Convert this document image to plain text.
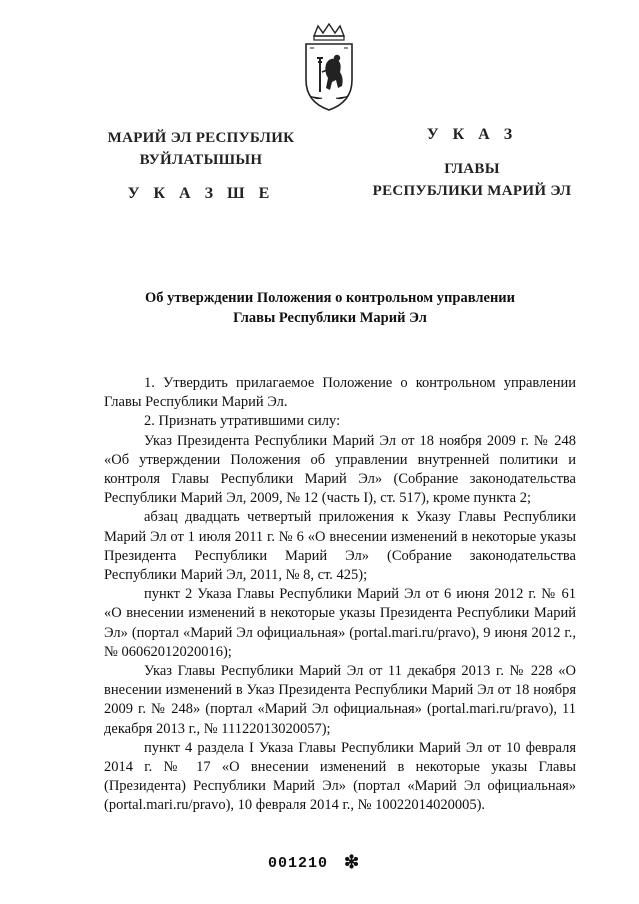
МАРИЙ ЭЛ РЕСПУБЛИК
ВУЙЛАТЫШЫН
У К А З Ш Е
У К А З
ГЛАВЫ
РЕСПУБЛИКИ МАРИЙ ЭЛ
Об утверждении Положения о контрольном управлении
Главы Республики Марий Эл

1. Утвердить прилагаемое Положение о контрольном управлении Главы Республики Марий Эл.

2. Признать утратившими силу:

Указ Президента Республики Марий Эл от 18 ноября 2009 г. № 248 «Об утверждении Положения об управлении внутренней политики и контроля Главы Республики Марий Эл» (Собрание законодательства Республики Марий Эл, 2009, № 12 (часть I), ст. 517), кроме пункта 2;

абзац двадцать четвертый приложения к Указу Главы Республики Марий Эл от 1 июля 2011 г. № 6 «О внесении изменений в некоторые указы Президента Республики Марий Эл» (Собрание законодательства Республики Марий Эл, 2011, № 8, ст. 425);

пункт 2 Указа Главы Республики Марий Эл от 6 июня 2012 г. № 61 «О внесении изменений в некоторые указы Президента Республики Марий Эл» (портал «Марий Эл официальная» (portal.mari.ru/pravo), 9 июня 2012 г., № 06062012020016);

Указ Главы Республики Марий Эл от 11 декабря 2013 г. № 228 «О внесении изменений в Указ Президента Республики Марий Эл от 18 ноября 2009 г. № 248» (портал «Марий Эл официальная» (portal.mari.ru/pravo), 11 декабря 2013 г., № 11122013020057);

пункт 4 раздела I Указа Главы Республики Марий Эл от 10 февраля 2014 г. № 17 «О внесении изменений в некоторые указы Главы (Президента) Республики Марий Эл» (портал «Марий Эл официальная» (portal.mari.ru/pravo), 10 февраля 2014 г., № 10022014020005).

001210 ❇
